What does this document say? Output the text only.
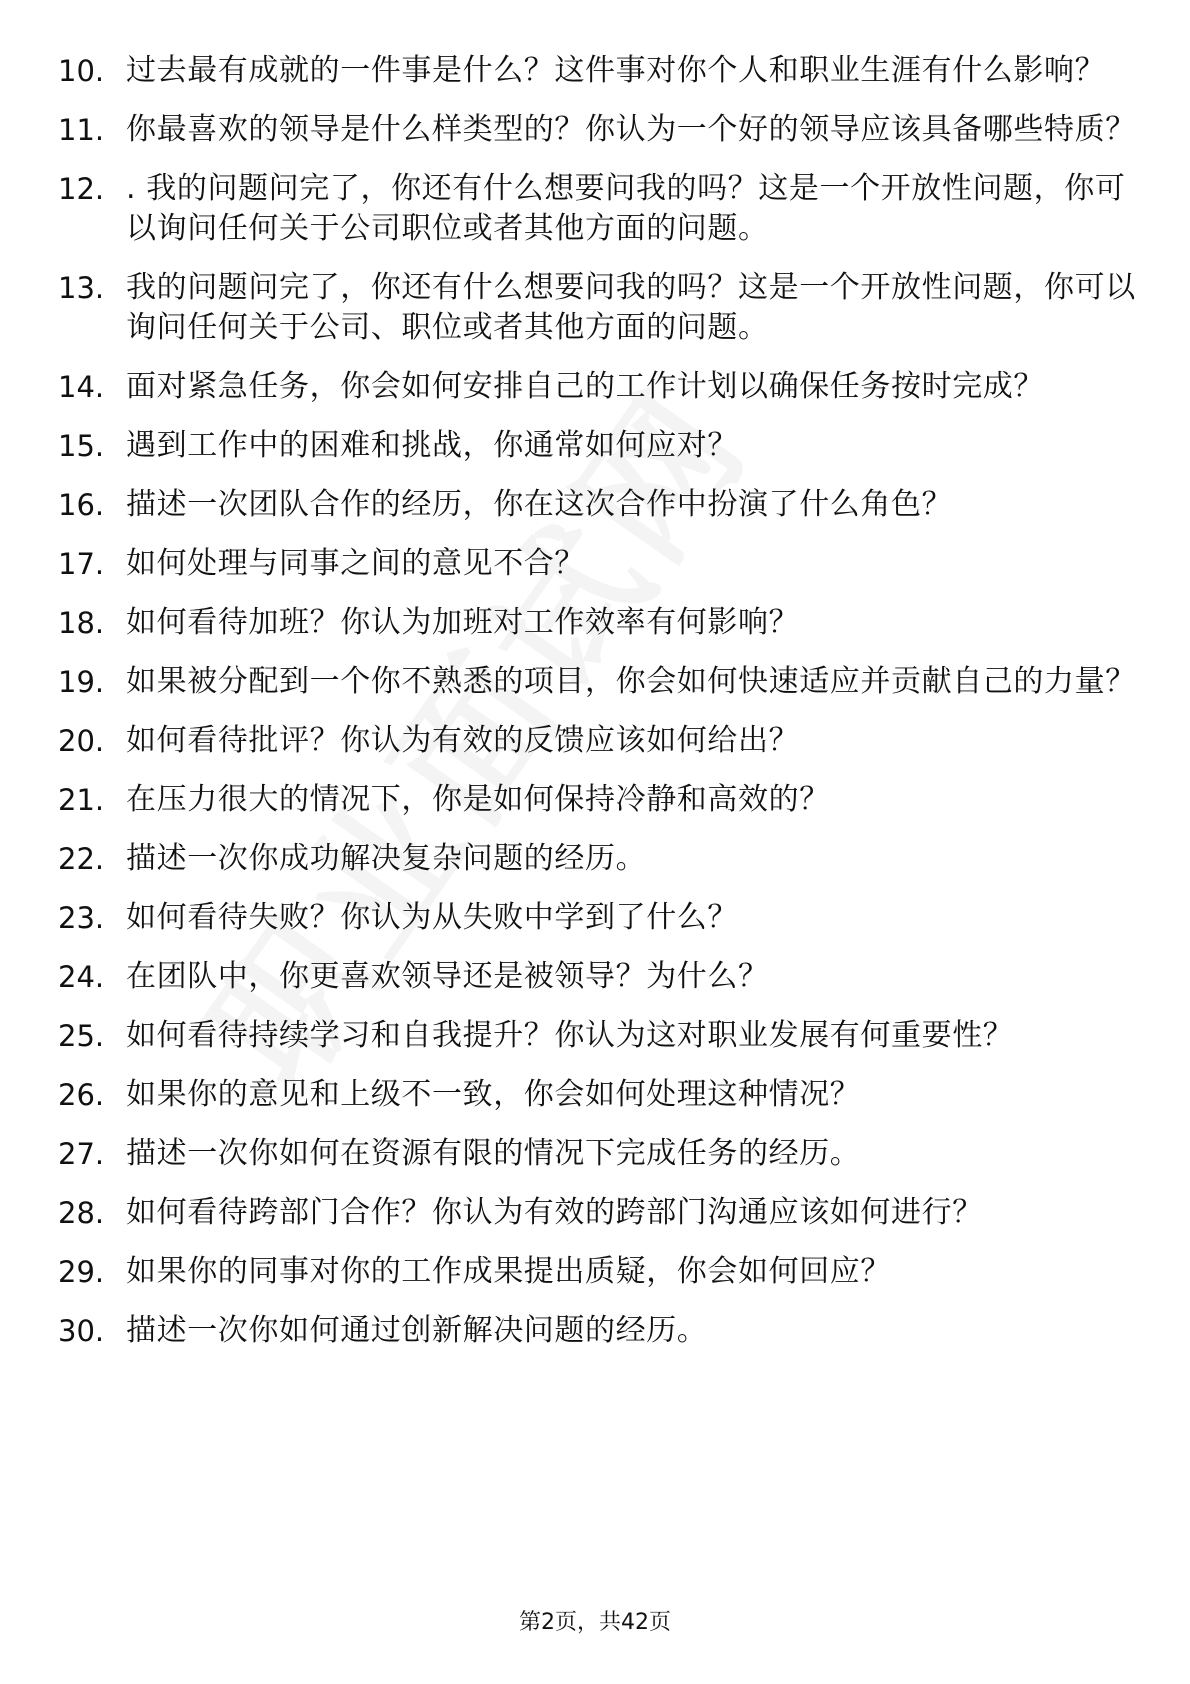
10. 过去最有成就的一件事是什么？这件事对你个人和职业生涯有什么影响？
11. 你最喜欢的领导是什么样类型的？你认为一个好的领导应该具备哪些特质？
12. . 我的问题问完了，你还有什么想要问我的吗？这是一个开放性问题，你可以询问任何关于公司职位或者其他方面的问题。
13. 我的问题问完了，你还有什么想要问我的吗？这是一个开放性问题，你可以询问任何关于公司、职位或者其他方面的问题。
14. 面对紧急任务，你会如何安排自己的工作计划以确保任务按时完成？
15. 遇到工作中的困难和挑战，你通常如何应对？
16. 描述一次团队合作的经历，你在这次合作中扮演了什么角色？
17. 如何处理与同事之间的意见不合？
18. 如何看待加班？你认为加班对工作效率有何影响？
19. 如果被分配到一个你不熟悉的项目，你会如何快速适应并贡献自己的力量？
20. 如何看待批评？你认为有效的反馈应该如何给出？
21. 在压力很大的情况下，你是如何保持冷静和高效的？
22. 描述一次你成功解决复杂问题的经历。
23. 如何看待失败？你认为从失败中学到了什么？
24. 在团队中，你更喜欢领导还是被领导？为什么？
25. 如何看待持续学习和自我提升？你认为这对职业发展有何重要性？
26. 如果你的意见和上级不一致，你会如何处理这种情况？
27. 描述一次你如何在资源有限的情况下完成任务的经历。
28. 如何看待跨部门合作？你认为有效的跨部门沟通应该如何进行？
29. 如果你的同事对你的工作成果提出质疑，你会如何回应？
30. 描述一次你如何通过创新解决问题的经历。
第2页，共42页
